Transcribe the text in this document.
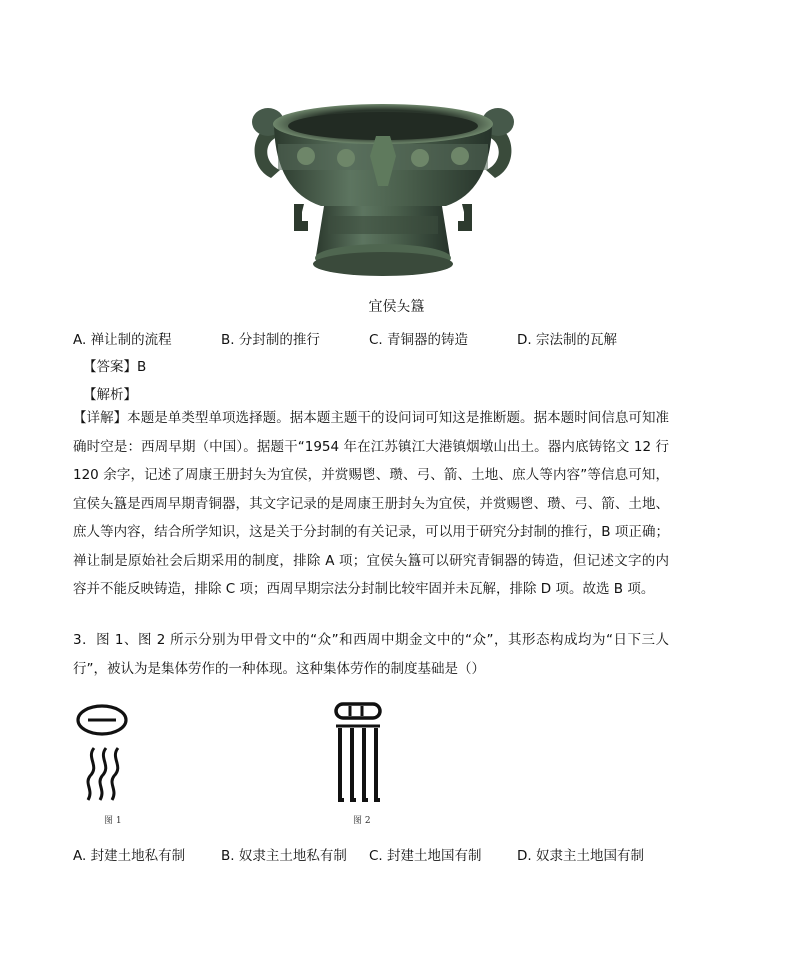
宜侯夨簋
A. 禅让制的流程	B. 分封制的推行	C. 青铜器的铸造	D. 宗法制的瓦解
【答案】B
【解析】
【详解】本题是单类型单项选择题。据本题主题干的设问词可知这是推断题。据本题时间信息可知准确时空是：西周早期（中国）。据题干“1954 年在江苏镇江大港镇烟墩山出土。器内底铸铭文 12 行 120 余字，记述了周康王册封夨为宜侯，并赏赐鬯、瓒、弓、箭、土地、庶人等内容”等信息可知，宜侯夨簋是西周早期青铜器，其文字记录的是周康王册封夨为宜侯，并赏赐鬯、瓒、弓、箭、土地、庶人等内容，结合所学知识，这是关于分封制的有关记录，可以用于研究分封制的推行，B 项正确；禅让制是原始社会后期采用的制度，排除 A 项；宜侯夨簋可以研究青铜器的铸造，但记述文字的内容并不能反映铸造，排除 C 项；西周早期宗法分封制比较牢固并未瓦解，排除 D 项。故选 B 项。
3．图 1、图 2 所示分别为甲骨文中的“众”和西周中期金文中的“众”，其形态构成均为“日下三人行”，被认为是集体劳作的一种体现。这种集体劳作的制度基础是（）
图 1	图 2
A. 封建土地私有制	B. 奴隶主土地私有制 C. 封建土地国有制	D. 奴隶主土地国有制
